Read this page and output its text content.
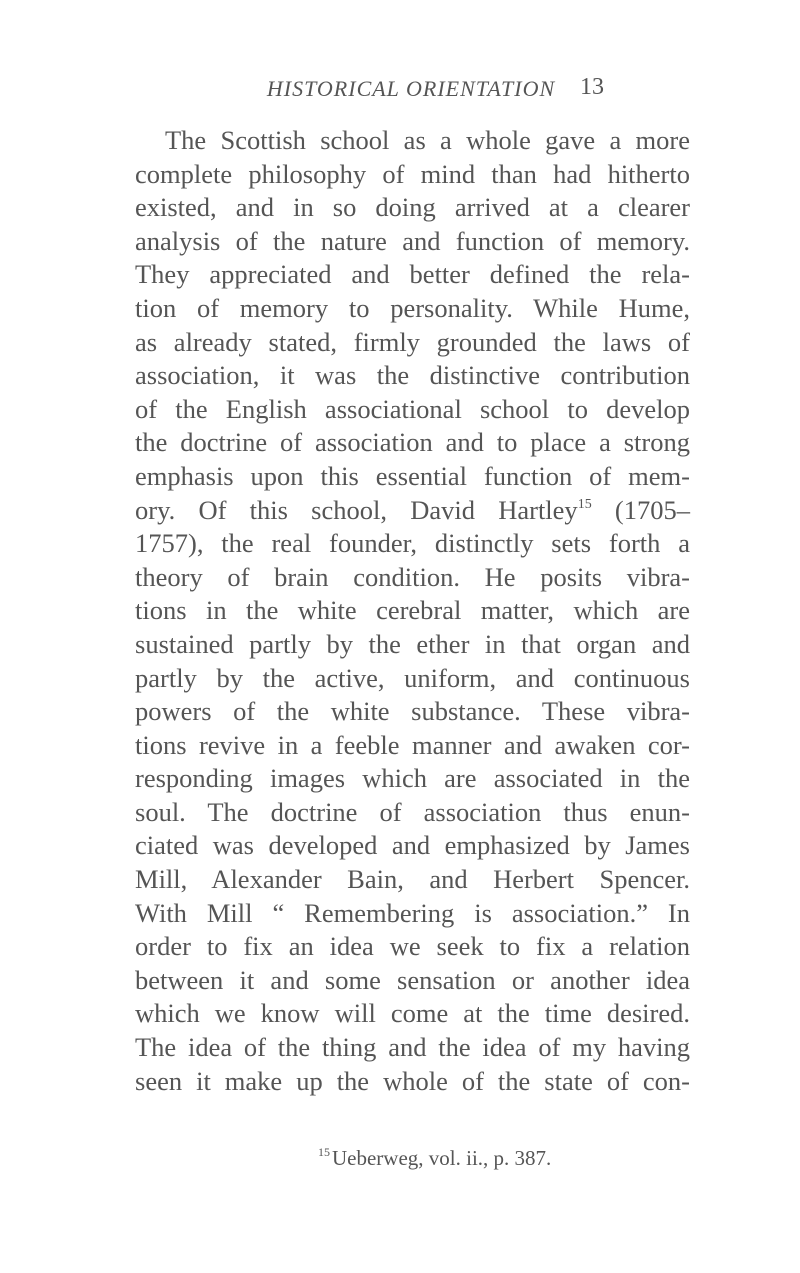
HISTORICAL ORIENTATION	13
The Scottish school as a whole gave a more
complete philosophy of mind than had hitherto
existed, and in so doing arrived at a clearer
analysis of the nature and function of memory.
They appreciated and better defined the rela-
tion of memory to personality. While Hume,
as already stated, firmly grounded the laws of
association, it was the distinctive contribution
of the English associational school to develop
the doctrine of association and to place a strong
emphasis upon this essential function of mem-
ory. Of this school, David Hartley$^{15}$ (1705–
1757), the real founder, distinctly sets forth a
theory of brain condition. He posits vibra-
tions in the white cerebral matter, which are
sustained partly by the ether in that organ and
partly by the active, uniform, and continuous
powers of the white substance. These vibra-
tions revive in a feeble manner and awaken cor-
responding images which are associated in the
soul. The doctrine of association thus enun-
ciated was developed and emphasized by James
Mill, Alexander Bain, and Herbert Spencer.
With Mill “ Remembering is association.” In
order to fix an idea we seek to fix a relation
between it and some sensation or another idea
which we know will come at the time desired.
The idea of the thing and the idea of my having
seen it make up the whole of the state of con-
$^{15}$Ueberweg, vol. ii., p. 387.
